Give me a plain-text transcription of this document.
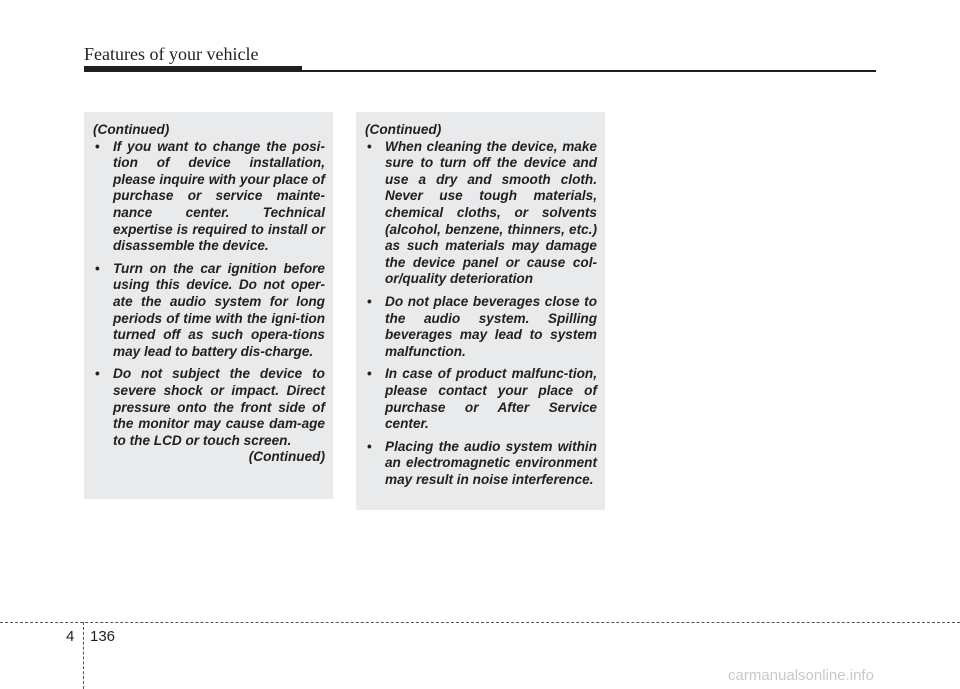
Features of your vehicle
(Continued)
• If you want to change the posi-tion of device installation, please inquire with your place of purchase or service mainte-nance center. Technical expertise is required to install or disassemble the device.
• Turn on the car ignition before using this device. Do not oper-ate the audio system for long periods of time with the igni-tion turned off as such opera-tions may lead to battery dis-charge.
• Do not subject the device to severe shock or impact. Direct pressure onto the front side of the monitor may cause dam-age to the LCD or touch screen.
(Continued)
(Continued)
• When cleaning the device, make sure to turn off the device and use a dry and smooth cloth. Never use tough materials, chemical cloths, or solvents (alcohol, benzene, thinners, etc.) as such materials may damage the device panel or cause col-or/quality deterioration
• Do not place beverages close to the audio system. Spilling beverages may lead to system malfunction.
• In case of product malfunc-tion, please contact your place of purchase or After Service center.
• Placing the audio system within an electromagnetic environment may result in noise interference.
4 136
carmanualsonline.info
